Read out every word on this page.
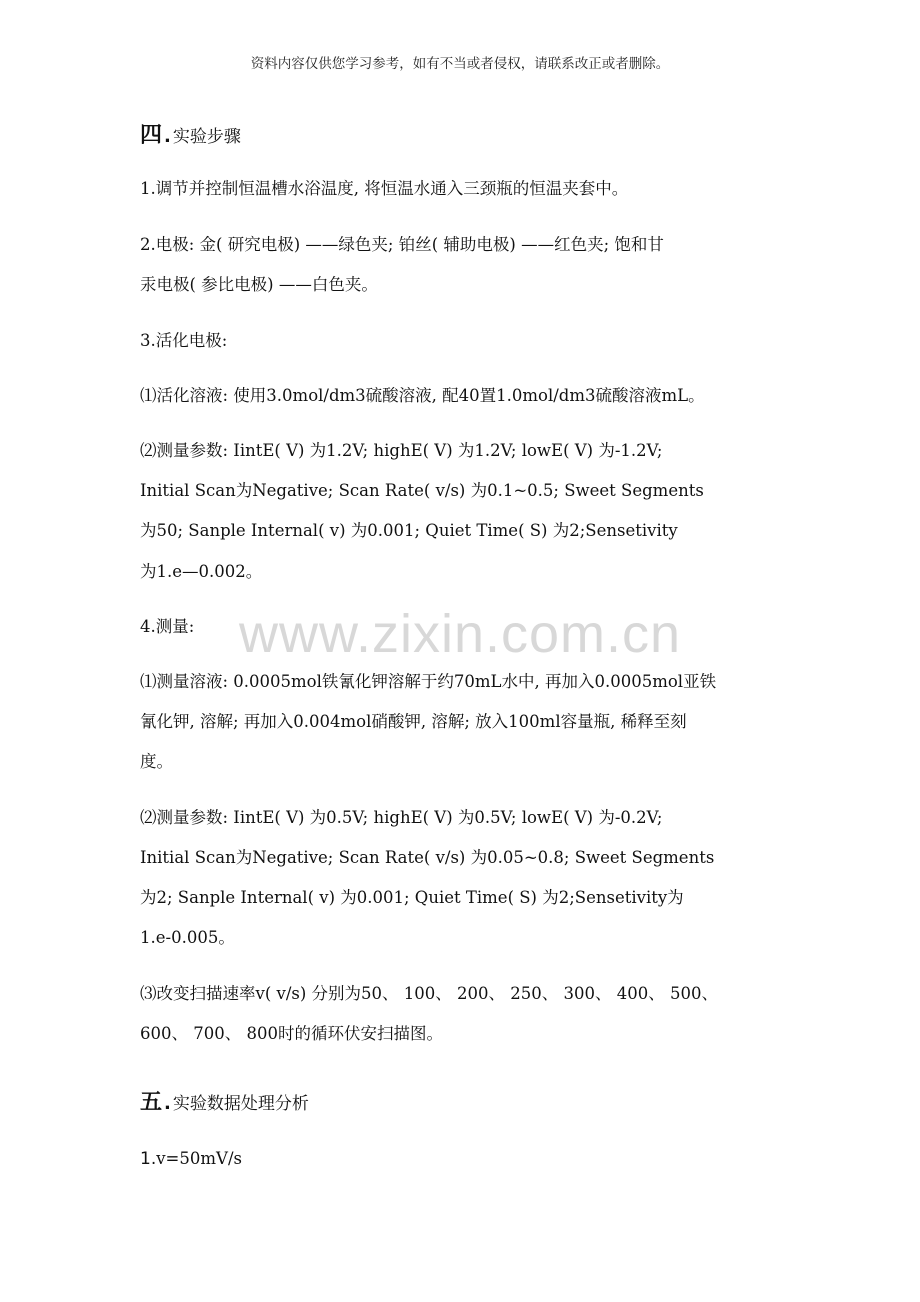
资料内容仅供您学习参考，如有不当或者侵权，请联系改正或者删除。
www.zixin.com.cn
四 . 实验步骤
1.调节并控制恒温槽水浴温度, 将恒温水通入三颈瓶的恒温夹套中。
2.电极: 金( 研究电极) ——绿色夹; 铂丝( 辅助电极) ——红色夹; 饱和甘
汞电极( 参比电极) ——白色夹。
3.活化电极:
⑴活化溶液: 使用3.0mol/dm3硫酸溶液, 配40置1.0mol/dm3硫酸溶液mL。
⑵测量参数: IintE( V) 为1.2V; highE( V) 为1.2V; lowE( V) 为-1.2V;
Initial Scan为Negative; Scan Rate( v/s) 为0.1~0.5; Sweet Segments
为50; Sanple Internal( v) 为0.001; Quiet Time( S) 为2;Sensetivity
为1.e—0.002。
4.测量:
⑴测量溶液: 0.0005mol铁氰化钾溶解于约70mL水中, 再加入0.0005mol亚铁
氰化钾, 溶解; 再加入0.004mol硝酸钾, 溶解; 放入100ml容量瓶, 稀释至刻
度。
⑵测量参数: IintE( V) 为0.5V; highE( V) 为0.5V; lowE( V) 为-0.2V;
Initial Scan为Negative; Scan Rate( v/s) 为0.05~0.8; Sweet Segments
为2; Sanple Internal( v) 为0.001; Quiet Time( S) 为2;Sensetivity为
1.e-0.005。
⑶改变扫描速率v( v/s) 分别为50、 100、 200、 250、 300、 400、 500、
600、 700、 800时的循环伏安扫描图。
五 . 实验数据处理分析
1.v=50mV/s
